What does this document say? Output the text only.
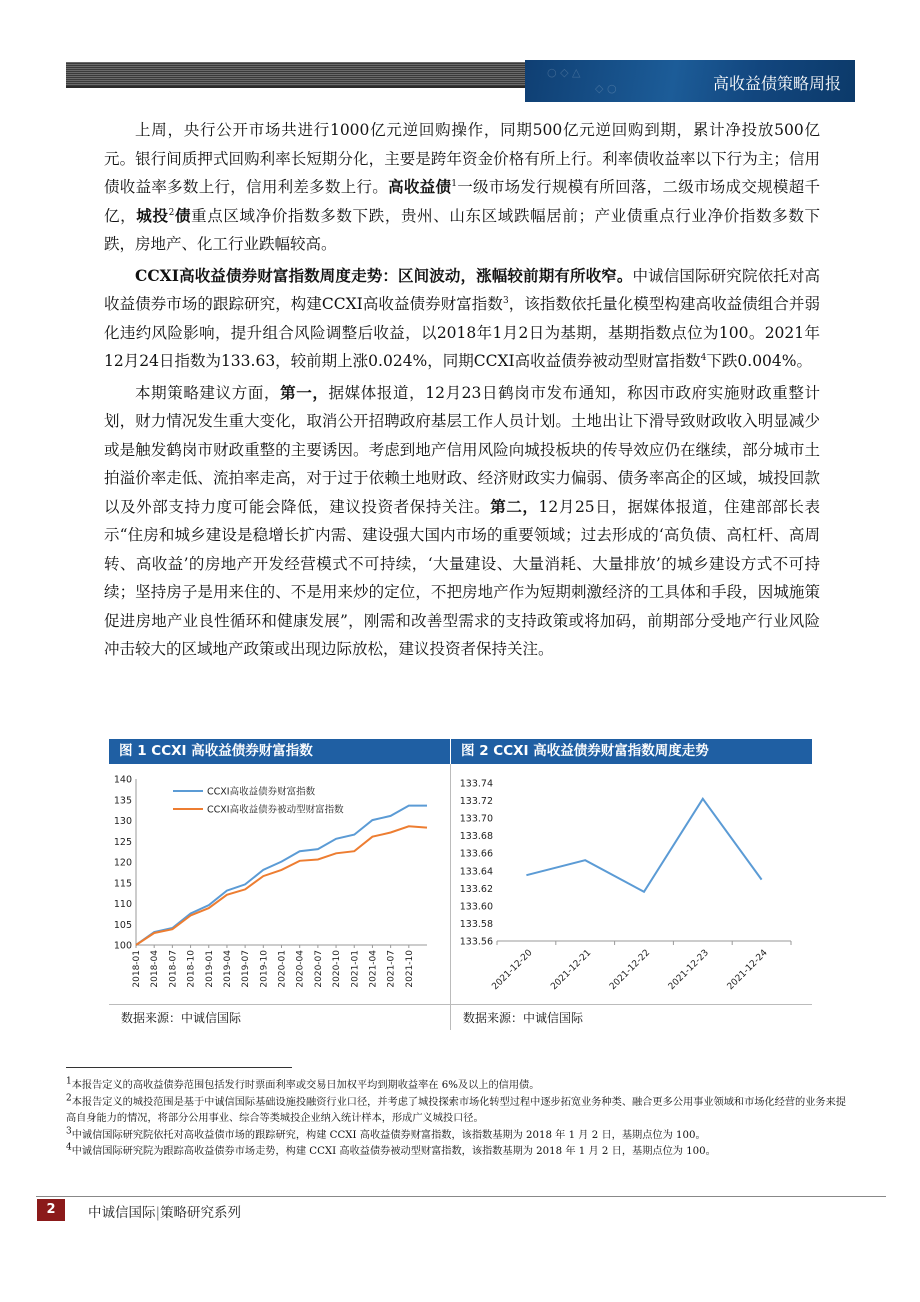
○ ◇ △
◇ ○	高收益债策略周报

上周，央行公开市场共进行1000亿元逆回购操作，同期500亿元逆回购到期，累计净投放500亿元。银行间质押式回购利率长短期分化，主要是跨年资金价格有所上行。利率债收益率以下行为主；信用债收益率多数上行，信用利差多数上行。高收益债$^1$一级市场发行规模有所回落，二级市场成交规模超千亿，城投$^2$债重点区域净价指数多数下跌，贵州、山东区域跌幅居前；产业债重点行业净价指数多数下跌，房地产、化工行业跌幅较高。

CCXI高收益债券财富指数周度走势：区间波动，涨幅较前期有所收窄。中诚信国际研究院依托对高收益债券市场的跟踪研究，构建CCXI高收益债券财富指数$^3$，该指数依托量化模型构建高收益债组合并弱化违约风险影响，提升组合风险调整后收益，以2018年1月2日为基期，基期指数点位为100。2021年12月24日指数为133.63，较前期上涨0.024%，同期CCXI高收益债券被动型财富指数$^4$下跌0.004%。

本期策略建议方面，第一，据媒体报道，12月23日鹤岗市发布通知，称因市政府实施财政重整计划，财力情况发生重大变化，取消公开招聘政府基层工作人员计划。土地出让下滑导致财政收入明显减少或是触发鹤岗市财政重整的主要诱因。考虑到地产信用风险向城投板块的传导效应仍在继续，部分城市土拍溢价率走低、流拍率走高，对于过于依赖土地财政、经济财政实力偏弱、债务率高企的区域，城投回款以及外部支持力度可能会降低，建议投资者保持关注。第二，12月25日，据媒体报道，住建部部长表示“住房和城乡建设是稳增长扩内需、建设强大国内市场的重要领域；过去形成的‘高负债、高杠杆、高周转、高收益’的房地产开发经营模式不可持续，‘大量建设、大量消耗、大量排放’的城乡建设方式不可持续；坚持房子是用来住的、不是用来炒的定位，不把房地产作为短期刺激经济的工具体和手段，因城施策促进房地产业良性循环和健康发展”，刚需和改善型需求的支持政策或将加码，前期部分受地产行业风险冲击较大的区域地产政策或出现边际放松，建议投资者保持关注。

图 1 CCXI 高收益债券财富指数
140
135
130
125
120
115
110
105
100
2018-01 2018-04 2018-07 2018-10 2019-01 2019-04 2019-07 2019-10 2020-01 2020-04 2020-07 2020-10 2021-01 2021-04 2021-07 2021-10
CCXI高收益债券财富指数
CCXI高收益债券被动型财富指数
数据来源：中诚信国际
图 2 CCXI 高收益债券财富指数周度走势
133.74
133.72
133.70
133.68
133.66
133.64
133.62
133.60
133.58
133.56
2021-12-20 2021-12-21 2021-12-22 2021-12-23 2021-12-24
数据来源：中诚信国际

$^1$本报告定义的高收益债券范围包括发行时票面利率或交易日加权平均到期收益率在 6%及以上的信用债。

$^2$本报告定义的城投范围是基于中诚信国际基础设施投融资行业口径，并考虑了城投探索市场化转型过程中逐步拓宽业务种类、融合更多公用事业领域和市场化经营的业务来提高自身能力的情况，将部分公用事业、综合等类城投企业纳入统计样本，形成广义城投口径。

$^3$中诚信国际研究院依托对高收益债市场的跟踪研究，构建 CCXI 高收益债券财富指数，该指数基期为 2018 年 1 月 2 日，基期点位为 100。

$^4$中诚信国际研究院为跟踪高收益债券市场走势，构建 CCXI 高收益债券被动型财富指数，该指数基期为 2018 年 1 月 2 日，基期点位为 100。

2	中诚信国际|策略研究系列
